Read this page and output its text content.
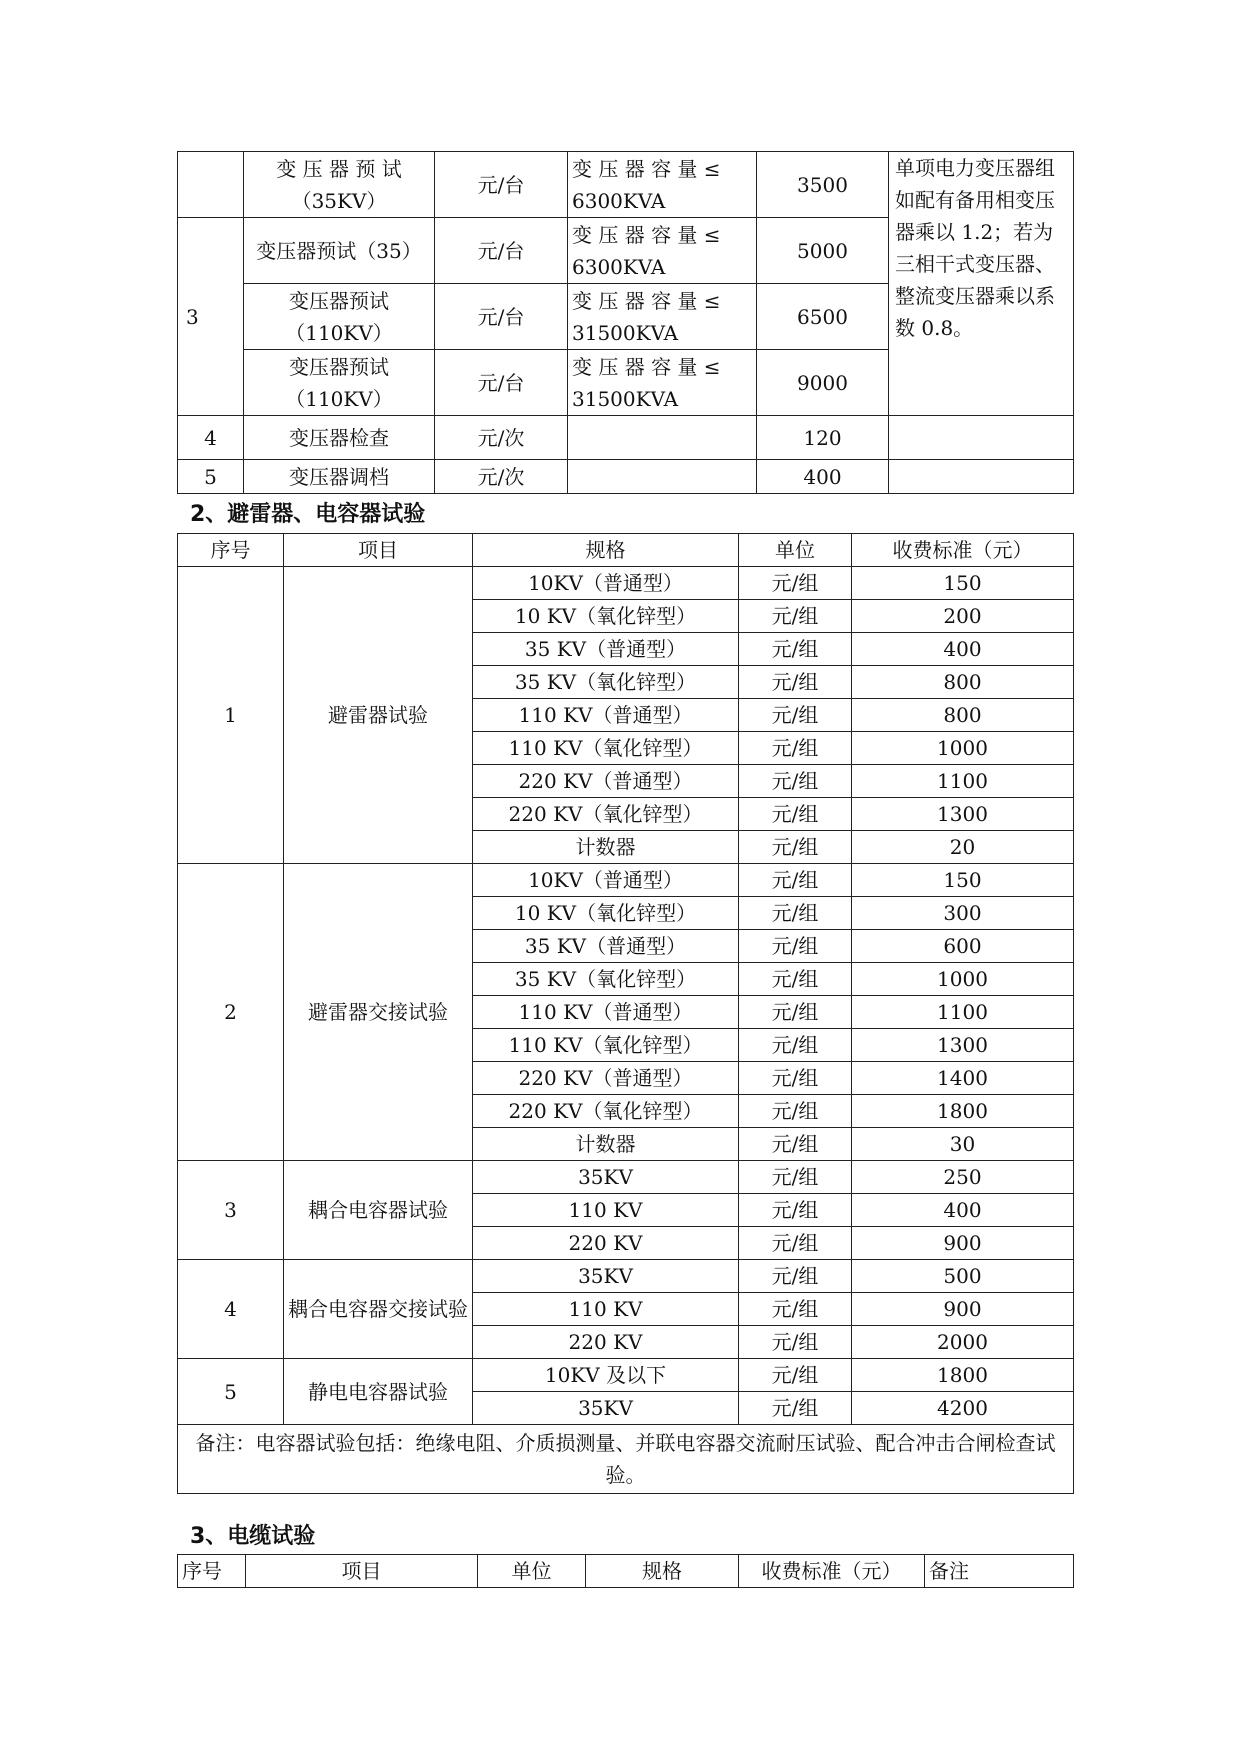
	变 压 器 预 试（35KV）	元/台	变 压 器 容 量 ≤ 6300KVA	3500	单项电力变压器组如配有备用相变压器乘以 1.2；若为三相干式变压器、整流变压器乘以系数 0.8。
3	变压器预试（35）	元/台	变 压 器 容 量 ≤ 6300KVA	5000	
	变压器预试（110KV）	元/台	变 压 器 容 量 ≤ 31500KVA	6500	
	变压器预试（110KV）	元/台	变 压 器 容 量 ≤ 31500KVA	9000	
4	变压器检查	元/次		120	
5	变压器调档	元/次		400	

2、避雷器、电容器试验

序号	项目	规格	单位	收费标准（元）
1	避雷器试验	10KV（普通型）	元/组	150
		10 KV（氧化锌型）	元/组	200
		35 KV（普通型）	元/组	400
		35 KV（氧化锌型）	元/组	800
		110 KV（普通型）	元/组	800
		110 KV（氧化锌型）	元/组	1000
		220 KV（普通型）	元/组	1100
		220 KV（氧化锌型）	元/组	1300
		计数器	元/组	20
2	避雷器交接试验	10KV（普通型）	元/组	150
		10 KV（氧化锌型）	元/组	300
		35 KV（普通型）	元/组	600
		35 KV（氧化锌型）	元/组	1000
		110 KV（普通型）	元/组	1100
		110 KV（氧化锌型）	元/组	1300
		220 KV（普通型）	元/组	1400
		220 KV（氧化锌型）	元/组	1800
		计数器	元/组	30
3	耦合电容器试验	35KV	元/组	250
		110 KV	元/组	400
		220 KV	元/组	900
4	耦合电容器交接试验	35KV	元/组	500
		110 KV	元/组	900
		220 KV	元/组	2000
5	静电电容器试验	10KV 及以下	元/组	1800
		35KV	元/组	4200
备注：电容器试验包括：绝缘电阻、介质损测量、并联电容器交流耐压试验、配合冲击合闸检查试验。				

3、电缆试验

序号	项目	单位	规格	收费标准（元）	备注
